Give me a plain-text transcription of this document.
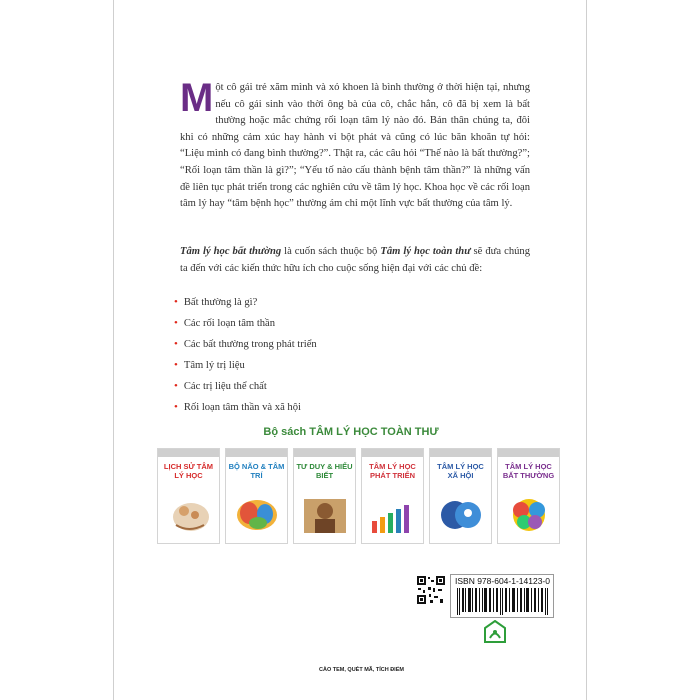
Một cô gái trẻ xăm mình và xỏ khoen là bình thường ở thời hiện tại, nhưng nếu cô gái sinh vào thời ông bà của cô, chắc hẳn, cô đã bị xem là bất thường hoặc mắc chứng rối loạn tâm lý nào đó. Bản thân chúng ta, đôi khi có những cảm xúc hay hành vi bột phát và cũng có lúc băn khoăn tự hỏi: “Liệu mình có đang bình thường?”. Thật ra, các câu hỏi “Thế nào là bất thường?”; “Rối loạn tâm thần là gì?”; “Yếu tố nào cấu thành bệnh tâm thần?” là những vấn đề liên tục phát triển trong các nghiên cứu về tâm lý học. Khoa học về các rối loạn tâm lý hay “tâm bệnh học” thường ám chỉ một lĩnh vực bất thường của tâm lý.

Tâm lý học bất thường là cuốn sách thuộc bộ Tâm lý học toàn thư sẽ đưa chúng ta đến với các kiến thức hữu ích cho cuộc sống hiện đại với các chủ đề:

• Bất thường là gì?
• Các rối loạn tâm thần
• Các bất thường trong phát triển
• Tâm lý trị liệu
• Các trị liệu thể chất
• Rối loạn tâm thần và xã hội
Bộ sách TÂM LÝ HỌC TOÀN THƯ
LỊCH SỬ TÂM LÝ HỌC
BỘ NÃO & TÂM TRÍ
TƯ DUY & HIỂU BIẾT
TÂM LÝ HỌC PHÁT TRIỂN
TÂM LÝ HỌC XÃ HỘI
TÂM LÝ HỌC BẤT THƯỜNG
ISBN 978-604-1-14123-0
CÀO TEM, QUÉT MÃ, TÍCH ĐIỂM
